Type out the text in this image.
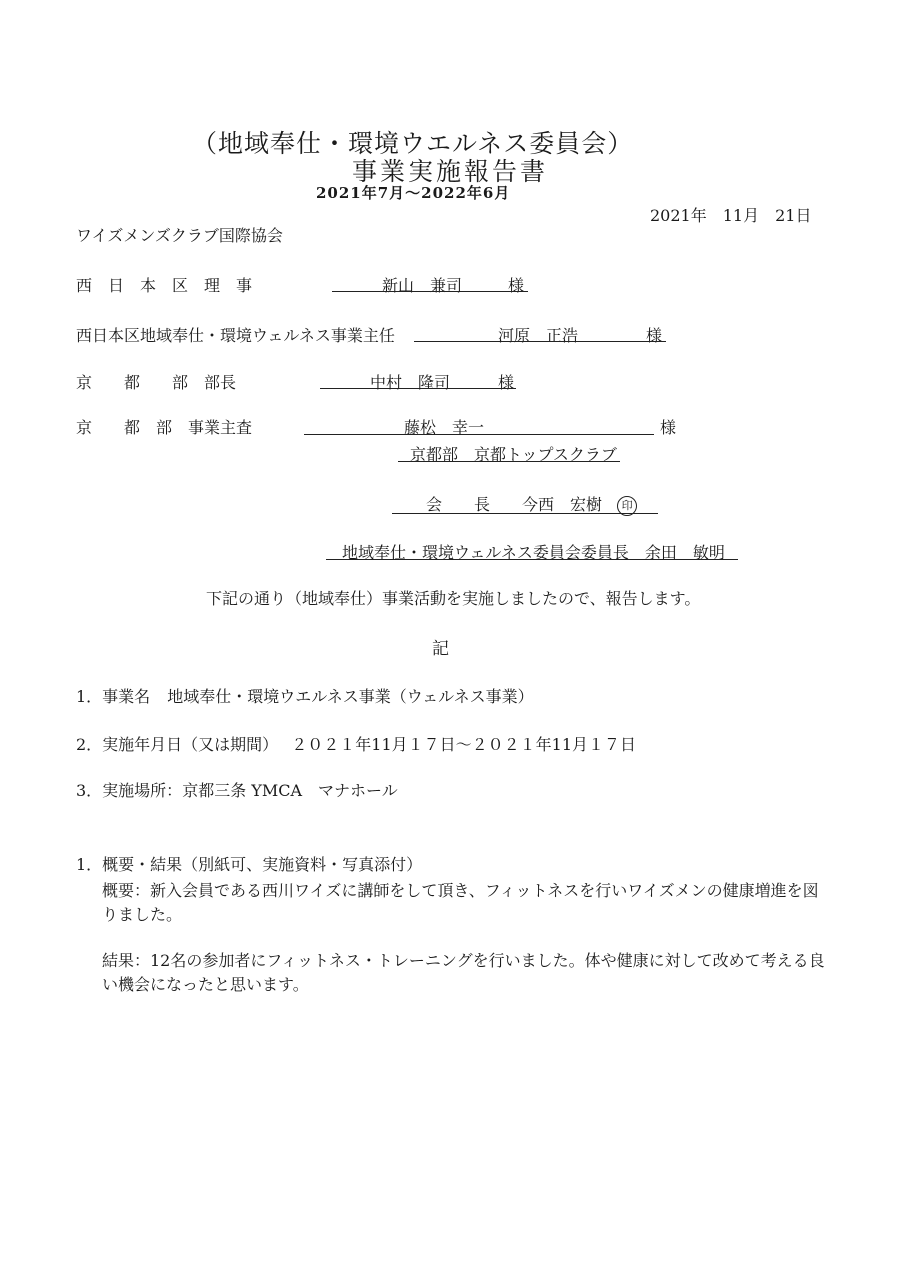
（地域奉仕・環境ウエルネス委員会）
事業実施報告書
2021年7月〜2022年6月
2021年　11月　21日
ワイズメンズクラブ国際協会
西　日　本　区　理　事	新山　兼司	様
西日本区地域奉仕・環境ウェルネス事業主任	河原　正浩	様
京　　都　　部　部長	中村　隆司	様
京　　都　部　事業主査	藤松　幸一	様
京都部　京都トップスクラブ
会　　長　　今西　宏樹 印
地域奉仕・環境ウェルネス委員会委員長　余田　敏明
下記の通り（地域奉仕）事業活動を実施しましたので、報告します。
記
1．事業名 地域奉仕・環境ウエルネス事業（ウェルネス事業）
2．実施年月日（又は期間） ２０２１年11月１７日〜２０２１年11月１７日
3．実施場所：京都三条 YMCA　マナホール
1．概要・結果（別紙可、実施資料・写真添付）
概要：新入会員である西川ワイズに講師をして頂き、フィットネスを行いワイズメンの健康増進を図
りました。
結果：12名の参加者にフィットネス・トレーニングを行いました。体や健康に対して改めて考える良
い機会になったと思います。
